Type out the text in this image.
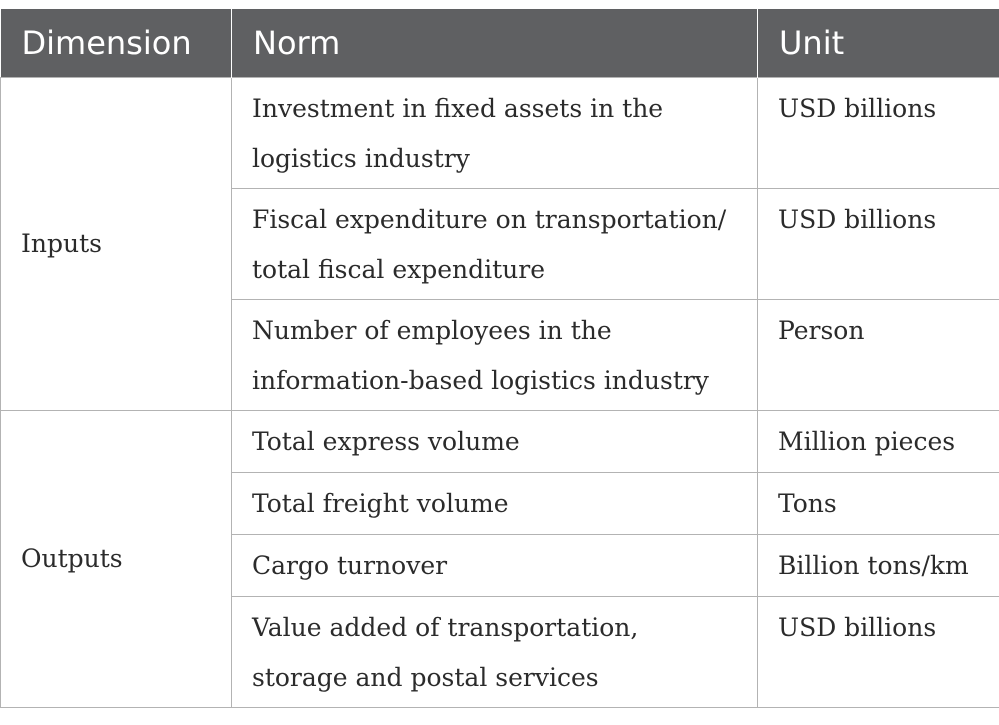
Dimension	Norm	Unit
Inputs	Investment in fixed assets in the logistics industry	USD billions
	Fiscal expenditure on transportation/ total fiscal expenditure	USD billions
	Number of employees in the information-based logistics industry	Person
Outputs	Total express volume	Million pieces
	Total freight volume	Tons
	Cargo turnover	Billion tons/km
	Value added of transportation, storage and postal services	USD billions
